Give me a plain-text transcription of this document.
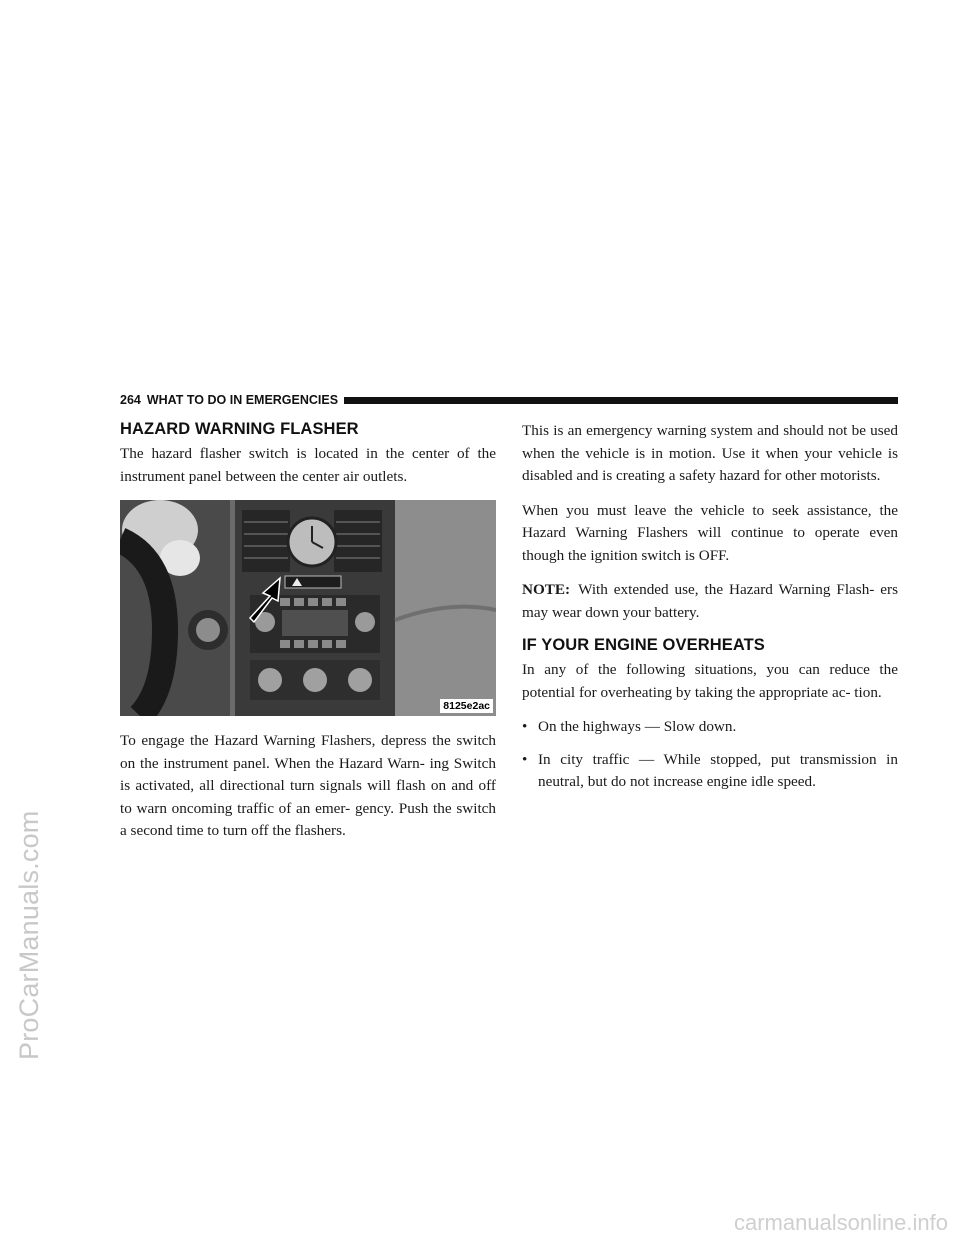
ProCarManuals.com
carmanualsonline.info
264 WHAT TO DO IN EMERGENCIES
HAZARD WARNING FLASHER

The hazard flasher switch is located in the center of the instrument panel between the center air outlets.

8125e2ac

To engage the Hazard Warning Flashers, depress the switch on the instrument panel. When the Hazard Warn- ing Switch is activated, all directional turn signals will flash on and off to warn oncoming traffic of an emer- gency. Push the switch a second time to turn off the flashers.

This is an emergency warning system and should not be used when the vehicle is in motion. Use it when your vehicle is disabled and is creating a safety hazard for other motorists.

When you must leave the vehicle to seek assistance, the Hazard Warning Flashers will continue to operate even though the ignition switch is OFF.

NOTE: With extended use, the Hazard Warning Flash- ers may wear down your battery.

IF YOUR ENGINE OVERHEATS

In any of the following situations, you can reduce the potential for overheating by taking the appropriate ac- tion.

• On the highways — Slow down.
• In city traffic — While stopped, put transmission in neutral, but do not increase engine idle speed.
